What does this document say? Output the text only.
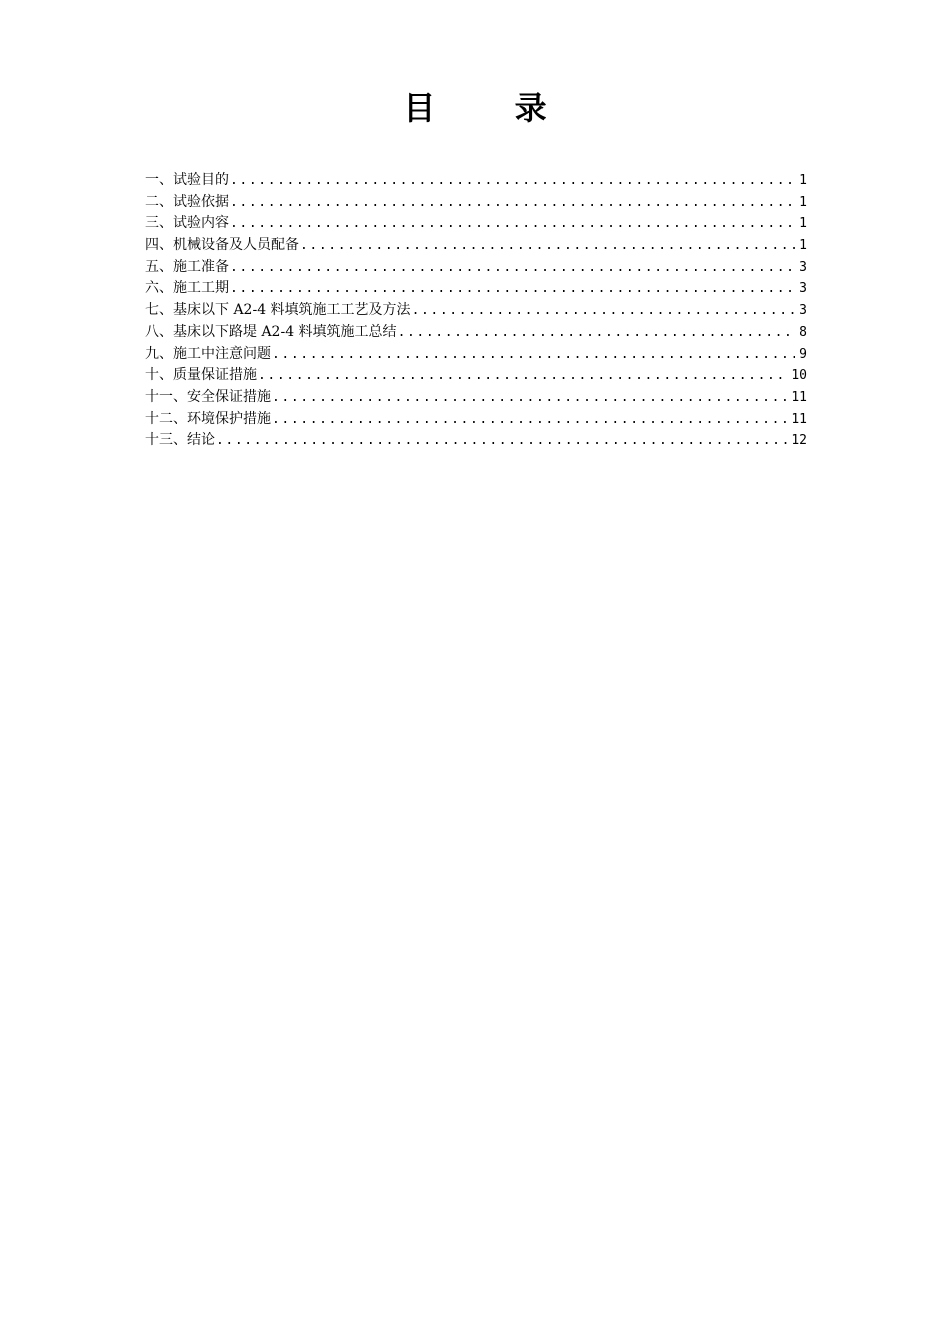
目 录
一、试验目的 .....	1
二、试验依据 .....	1
三、试验内容 .....	1
四、机械设备及人员配备 .....	1
五、施工准备 .....	3
六、施工工期 .....	3
七、基床以下 A2-4 料填筑施工工艺及方法 .....	3
八、基床以下路堤 A2-4 料填筑施工总结 .....	8
九、施工中注意问题 .....	9
十、质量保证措施 .....	10
十一、安全保证措施 .....	11
十二、环境保护措施 .....	11
十三、结论 .....	12
